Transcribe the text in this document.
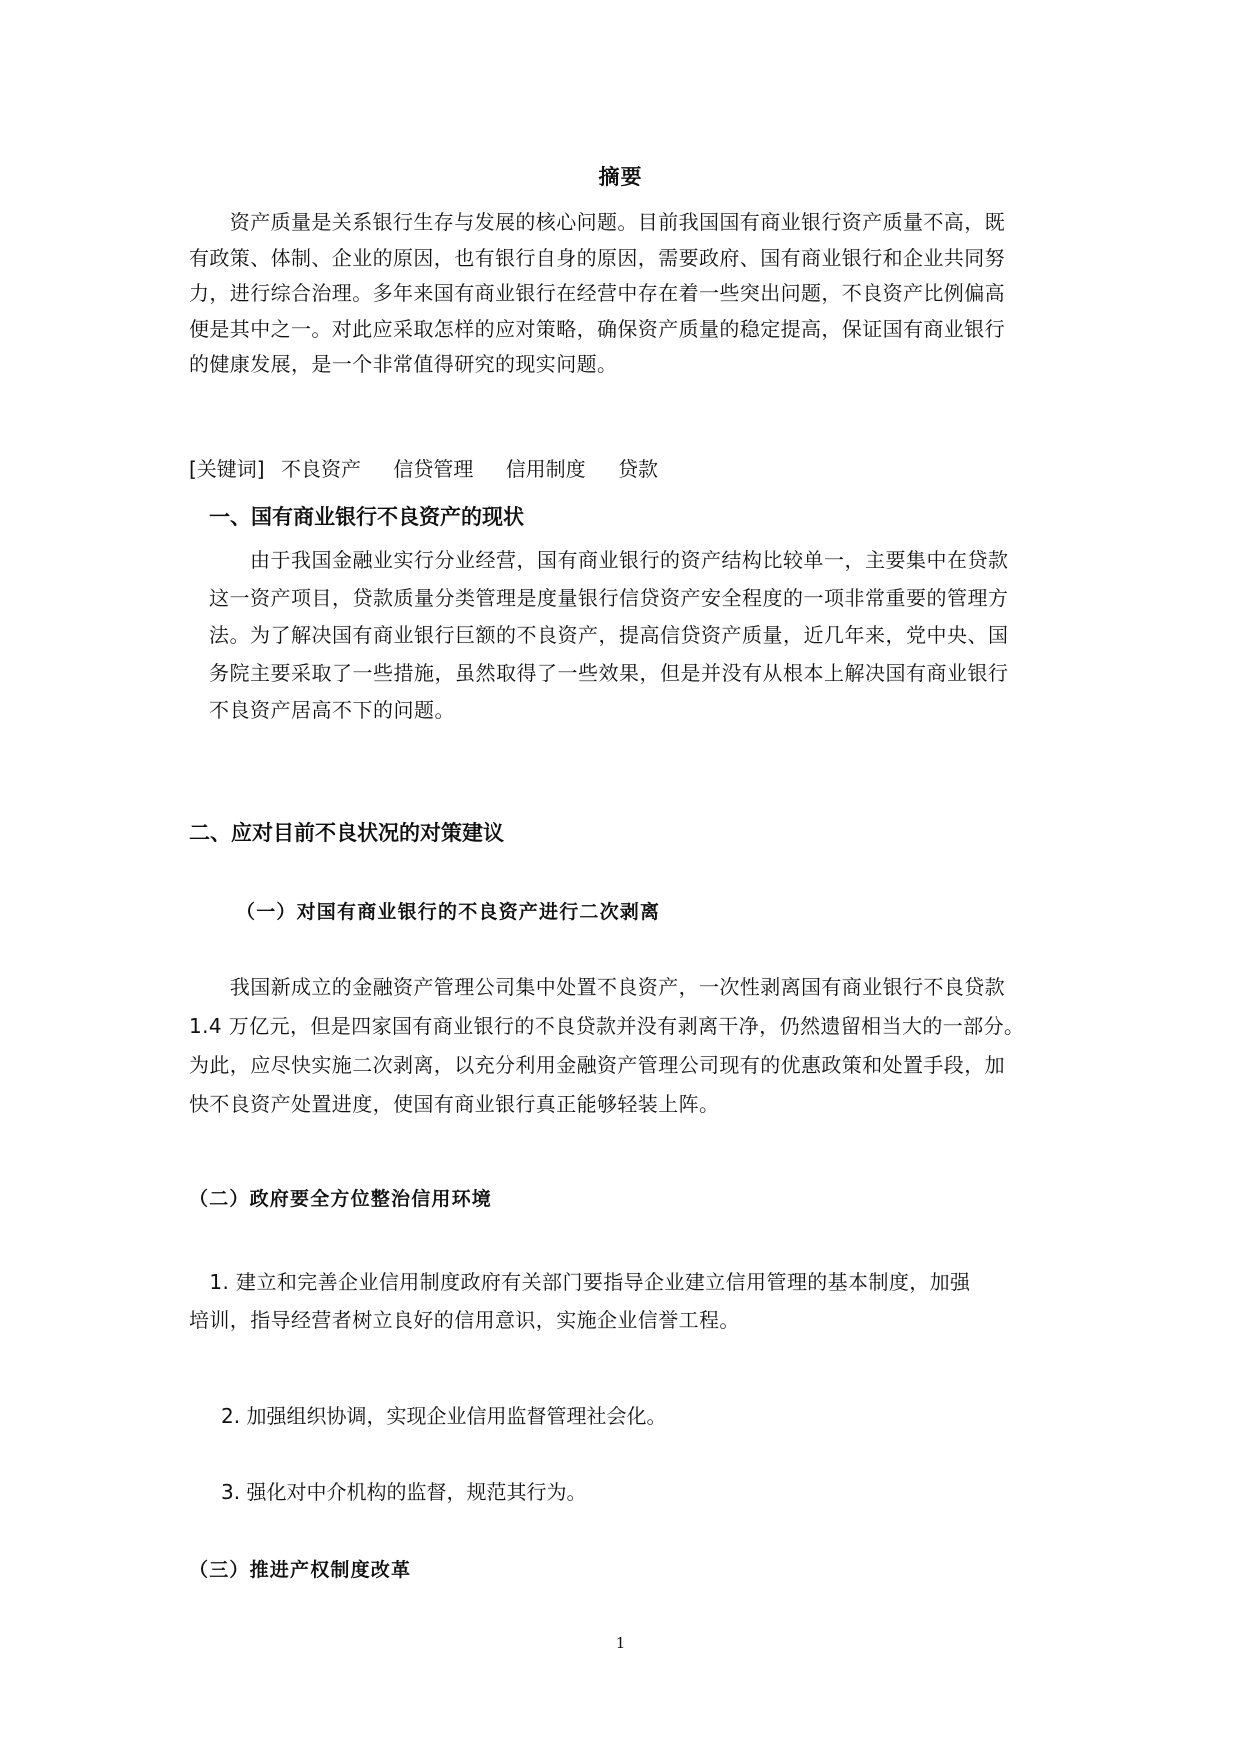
摘要
　　资产质量是关系银行生存与发展的核心问题。目前我国国有商业银行资产质量不高，既
有政策、体制、企业的原因，也有银行自身的原因，需要政府、国有商业银行和企业共同努
力，进行综合治理。多年来国有商业银行在经营中存在着一些突出问题，不良资产比例偏高
便是其中之一。对此应采取怎样的应对策略，确保资产质量的稳定提高，保证国有商业银行
的健康发展，是一个非常值得研究的现实问题。
[关键词] 不良资产 信贷管理 信用制度 贷款
一、国有商业银行不良资产的现状
　　由于我国金融业实行分业经营，国有商业银行的资产结构比较单一，主要集中在贷款
这一资产项目，贷款质量分类管理是度量银行信贷资产安全程度的一项非常重要的管理方
法。为了解决国有商业银行巨额的不良资产，提高信贷资产质量，近几年来，党中央、国
务院主要采取了一些措施，虽然取得了一些效果，但是并没有从根本上解决国有商业银行
不良资产居高不下的问题。
二、应对目前不良状况的对策建议
（一）对国有商业银行的不良资产进行二次剥离
　　我国新成立的金融资产管理公司集中处置不良资产，一次性剥离国有商业银行不良贷款
1.4 万亿元，但是四家国有商业银行的不良贷款并没有剥离干净，仍然遗留相当大的一部分。
为此，应尽快实施二次剥离，以充分利用金融资产管理公司现有的优惠政策和处置手段，加
快不良资产处置进度，使国有商业银行真正能够轻装上阵。
（二）政府要全方位整治信用环境
　1. 建立和完善企业信用制度政府有关部门要指导企业建立信用管理的基本制度，加强
培训，指导经营者树立良好的信用意识，实施企业信誉工程。
2. 加强组织协调，实现企业信用监督管理社会化。
3. 强化对中介机构的监督，规范其行为。
（三）推进产权制度改革
1
